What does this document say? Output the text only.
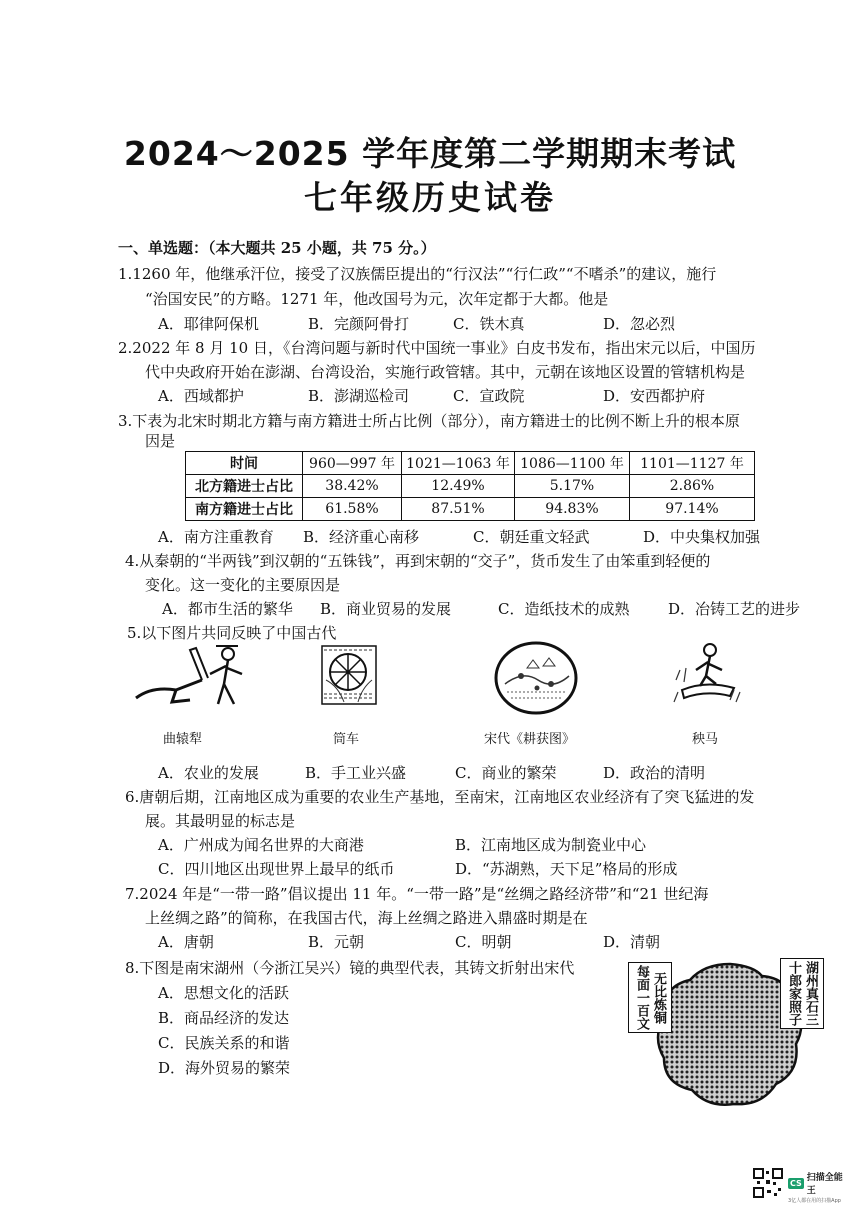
2024～2025 学年度第二学期期末考试
七年级历史试卷
一、单选题：（本大题共 25 小题，共 75 分。）
1.1260 年，他继承汗位，接受了汉族儒臣提出的“行汉法”“行仁政”“不嗜杀”的建议，施行
“治国安民”的方略。1271 年，他改国号为元，次年定都于大都。他是
A．耶律阿保机	B．完颜阿骨打	C．铁木真	D．忽必烈
2.2022 年 8 月 10 日，《台湾问题与新时代中国统一事业》白皮书发布，指出宋元以后，中国历
代中央政府开始在澎湖、台湾设治，实施行政管辖。其中，元朝在该地区设置的管辖机构是
A．西域都护	B．澎湖巡检司	C．宣政院	D．安西都护府
3.下表为北宋时期北方籍与南方籍进士所占比例（部分），南方籍进士的比例不断上升的根本原
因是
时间	960—997 年	1021—1063 年	1086—1100 年	1101—1127 年
北方籍进士占比	38.42%	12.49%	5.17%	2.86%
南方籍进士占比	61.58%	87.51%	94.83%	97.14%
A．南方注重教育 B．经济重心南移	C．朝廷重文轻武	D．中央集权加强
4.从秦朝的“半两钱”到汉朝的“五铢钱”，再到宋朝的“交子”，货币发生了由笨重到轻便的
变化。这一变化的主要原因是
A．都市生活的繁华 B．商业贸易的发展	C．造纸技术的成熟	D．冶铸工艺的进步
5.以下图片共同反映了中国古代
曲辕犁	筒车	宋代《耕获图》	秧马
A．农业的发展	B．手工业兴盛	C．商业的繁荣	D．政治的清明
6.唐朝后期，江南地区成为重要的农业生产基地，至南宋，江南地区农业经济有了突飞猛进的发
展。其最明显的标志是
A．广州成为闻名世界的大商港	B．江南地区成为制瓷业中心
C．四川地区出现世界上最早的纸币	D．“苏湖熟，天下足”格局的形成
7.2024 年是“一带一路”倡议提出 11 年。“一带一路”是“丝绸之路经济带”和“21 世纪海
上丝绸之路”的简称，在我国古代，海上丝绸之路进入鼎盛时期是在
A．唐朝	B．元朝	C．明朝	D．清朝
8.下图是南宋湖州（今浙江吴兴）镜的典型代表，其铸文折射出宋代
A．思想文化的活跃
B．商品经济的发达
C．民族关系的和谐
D．海外贸易的繁荣
无比炼铜
每面一百文	湖州真石三
十郎家照子
CS 扫描全能王
3亿人都在用的扫描App
